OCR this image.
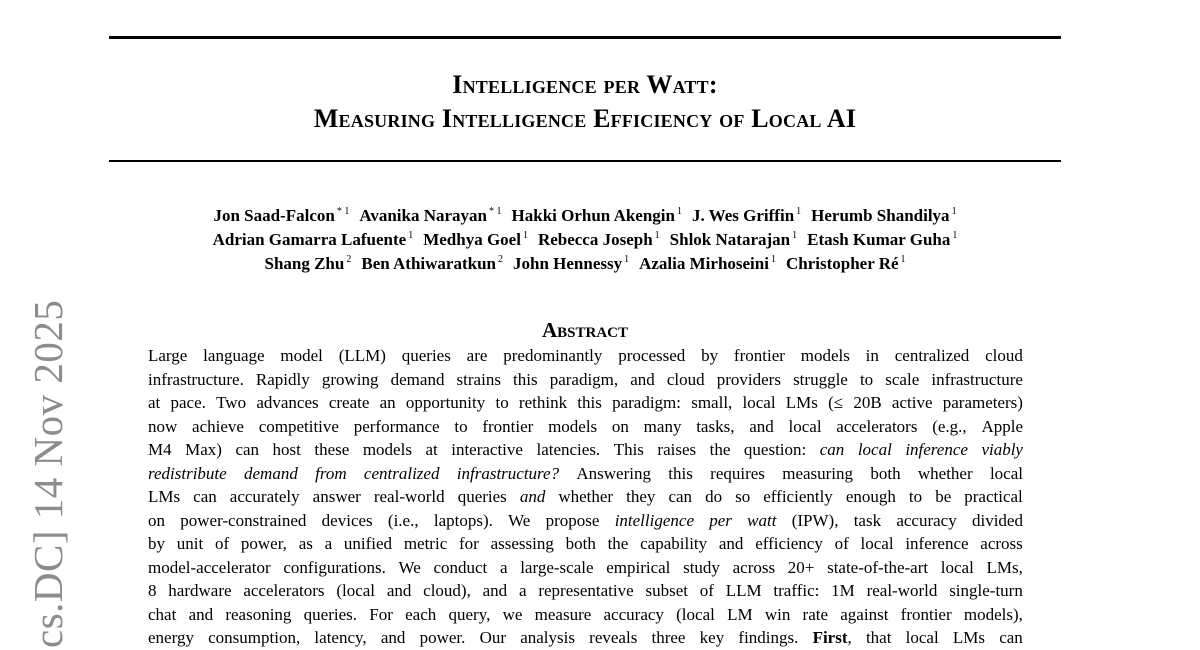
Intelligence per Watt:
Measuring Intelligence Efficiency of Local AI
Jon Saad-Falcon $^{* 1}$ Avanika Narayan $^{* 1}$ Hakki Orhun Akengin $^1$ J. Wes Griffin $^1$ Herumb Shandilya $^1$
Adrian Gamarra Lafuente $^1$ Medhya Goel $^1$ Rebecca Joseph $^1$ Shlok Natarajan $^1$ Etash Kumar Guha $^1$
Shang Zhu $^2$ Ben Athiwaratkun $^2$ John Hennessy $^1$ Azalia Mirhoseini $^1$ Christopher Ré $^1$
Abstract
Large language model (LLM) queries are predominantly processed by frontier models in centralized cloud
infrastructure. Rapidly growing demand strains this paradigm, and cloud providers struggle to scale infrastructure
at pace. Two advances create an opportunity to rethink this paradigm: small, local LMs (≤ 20B active parameters)
now achieve competitive performance to frontier models on many tasks, and local accelerators (e.g., Apple
M4 Max) can host these models at interactive latencies. This raises the question: can local inference viably
redistribute demand from centralized infrastructure? Answering this requires measuring both whether local
LMs can accurately answer real-world queries and whether they can do so efficiently enough to be practical
on power-constrained devices (i.e., laptops). We propose intelligence per watt (IPW), task accuracy divided
by unit of power, as a unified metric for assessing both the capability and efficiency of local inference across
model-accelerator configurations. We conduct a large-scale empirical study across 20+ state-of-the-art local LMs,
8 hardware accelerators (local and cloud), and a representative subset of LLM traffic: 1M real-world single-turn
chat and reasoning queries. For each query, we measure accuracy (local LM win rate against frontier models),
energy consumption, latency, and power. Our analysis reveals three key findings. First, that local LMs can
cs.DC] 14 Nov 2025
